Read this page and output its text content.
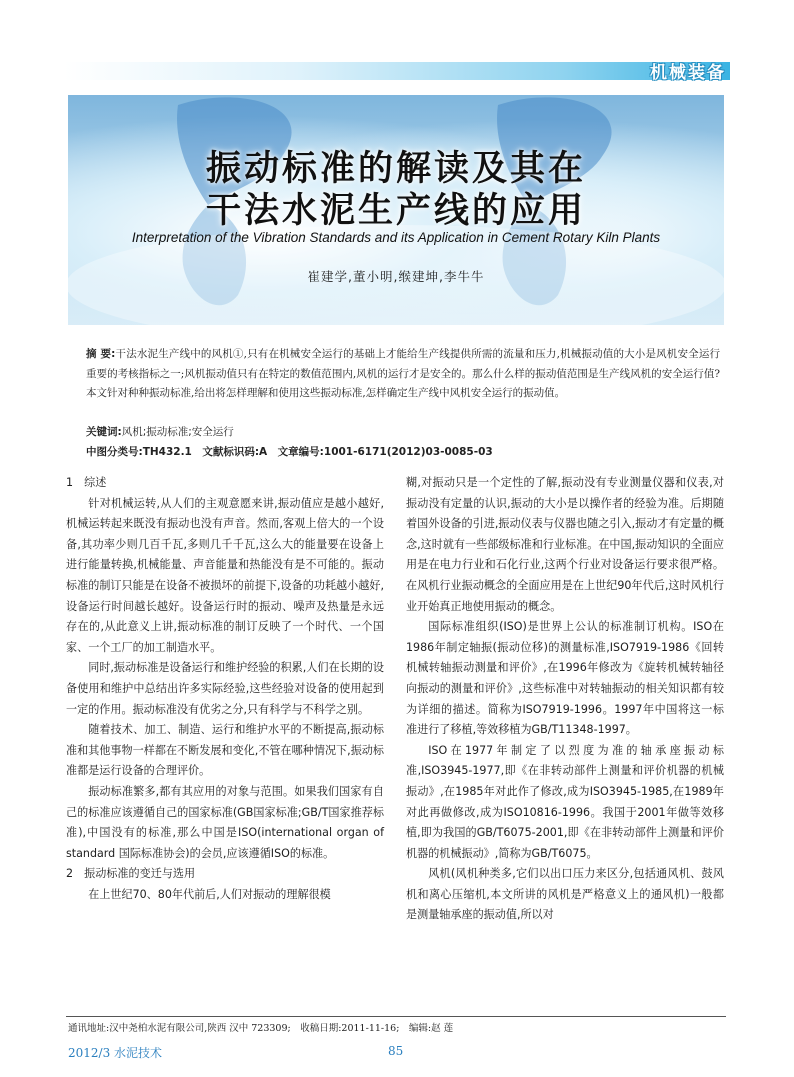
机械装备
振动标准的解读及其在
干法水泥生产线的应用
Interpretation of the Vibration Standards and its Application in Cement Rotary Kiln Plants
崔建学,董小明,缑建坤,李牛牛
摘 要:干法水泥生产线中的风机①,只有在机械安全运行的基础上才能给生产线提供所需的流量和压力,机械振动值的大小是风机安全运行重要的考核指标之一;风机振动值只有在特定的数值范围内,风机的运行才是安全的。那么什么样的振动值范围是生产线风机的安全运行值? 本文针对种种振动标准,给出将怎样理解和使用这些振动标准,怎样确定生产线中风机安全运行的振动值。
关键词:风机;振动标准;安全运行
中图分类号:TH432.1　文献标识码:A　文章编号:1001-6171(2012)03-0085-03

1　综述

针对机械运转,从人们的主观意愿来讲,振动值应是越小越好,机械运转起来既没有振动也没有声音。然而,客观上倍大的一个设备,其功率少则几百千瓦,多则几千千瓦,这么大的能量要在设备上进行能量转换,机械能量、声音能量和热能没有是不可能的。振动标准的制订只能是在设备不被损坏的前提下,设备的功耗越小越好,设备运行时间越长越好。设备运行时的振动、噪声及热量是永远存在的,从此意义上讲,振动标准的制订反映了一个时代、一个国家、一个工厂的加工制造水平。

同时,振动标准是设备运行和维护经验的积累,人们在长期的设备使用和维护中总结出许多实际经验,这些经验对设备的使用起到一定的作用。振动标准没有优劣之分,只有科学与不科学之别。

随着技术、加工、制造、运行和维护水平的不断提高,振动标准和其他事物一样都在不断发展和变化,不管在哪种情况下,振动标准都是运行设备的合理评价。

振动标准繁多,都有其应用的对象与范围。如果我们国家有自己的标准应该遵循自己的国家标准(GB国家标准;GB/T国家推荐标准),中国没有的标准,那么中国是ISO(international organ of standard 国际标准协会)的会员,应该遵循ISO的标准。

2　振动标准的变迁与选用

在上世纪70、80年代前后,人们对振动的理解很模

糊,对振动只是一个定性的了解,振动没有专业测量仪器和仪表,对振动没有定量的认识,振动的大小是以操作者的经验为准。后期随着国外设备的引进,振动仪表与仪器也随之引入,振动才有定量的概念,这时就有一些部级标准和行业标准。在中国,振动知识的全面应用是在电力行业和石化行业,这两个行业对设备运行要求很严格。在风机行业振动概念的全面应用是在上世纪90年代后,这时风机行业开始真正地使用振动的概念。

国际标准组织(ISO)是世界上公认的标准制订机构。ISO在1986年制定轴振(振动位移)的测量标准,ISO7919-1986《回转机械转轴振动测量和评价》,在1996年修改为《旋转机械转轴径向振动的测量和评价》,这些标准中对转轴振动的相关知识都有较为详细的描述。简称为ISO7919-1996。1997年中国将这一标准进行了移植,等效移植为GB/T11348-1997。

ISO在1977年制定了以烈度为准的轴承座振动标准,ISO3945-1977,即《在非转动部件上测量和评价机器的机械振动》,在1985年对此作了修改,成为ISO3945-1985,在1989年对此再做修改,成为ISO10816-1996。我国于2001年做等效移植,即为我国的GB/T6075-2001,即《在非转动部件上测量和评价机器的机械振动》,简称为GB/T6075。

风机(风机种类多,它们以出口压力来区分,包括通风机、鼓风机和离心压缩机,本文所讲的风机是严格意义上的通风机)一般都是测量轴承座的振动值,所以对

通讯地址:汉中尧柏水泥有限公司,陕西 汉中 723309;　收稿日期:2011-11-16;　编辑:赵 莲
2012/3 水泥技术	85
